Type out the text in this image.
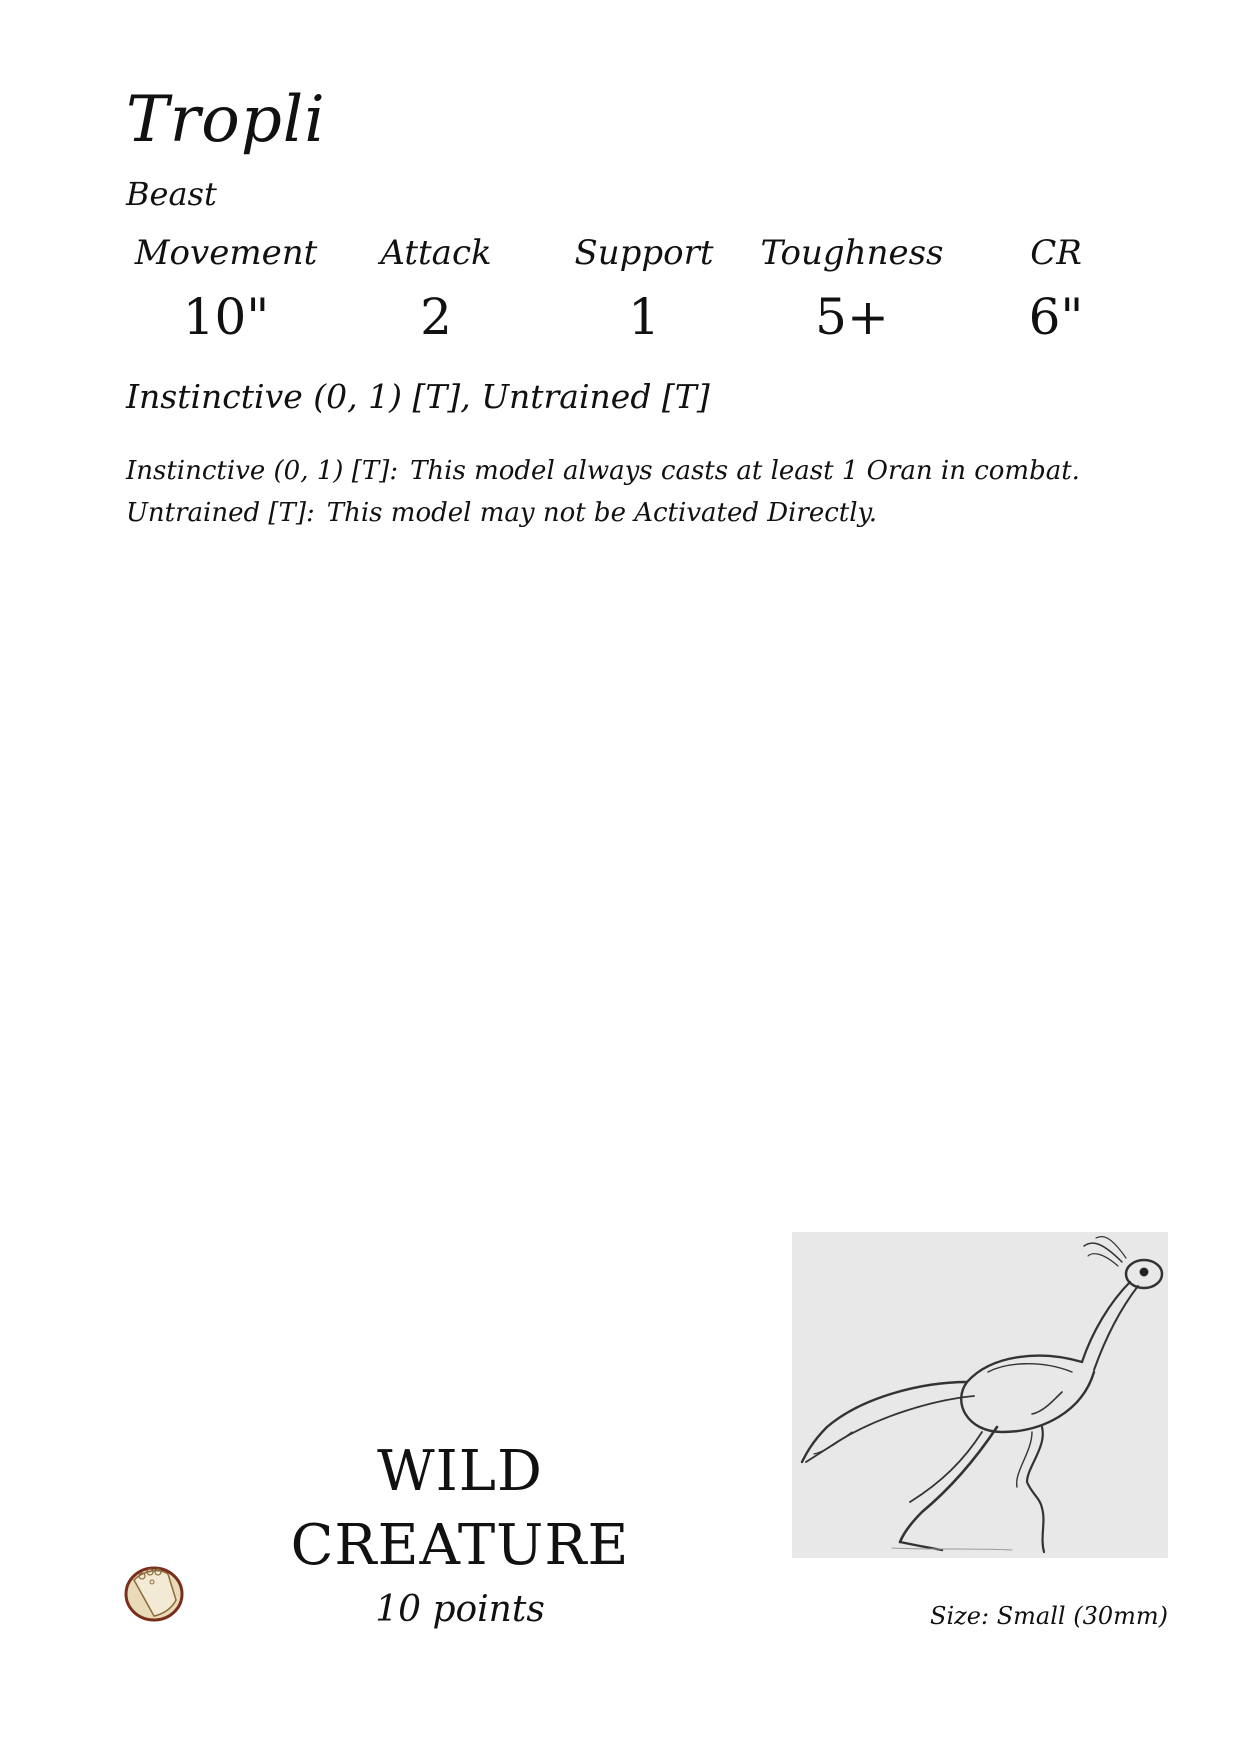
Tropli
Beast
Movement
10"
Attack
2
Support
1
Toughness
5+
CR
6"
Instinctive (0, 1) [T], Untrained [T]
Instinctive (0, 1) [T]: This model always casts at least 1 Oran in combat.
Untrained [T]: This model may not be Activated Directly.
WILD
CREATURE
10 points	Size: Small (30mm)
